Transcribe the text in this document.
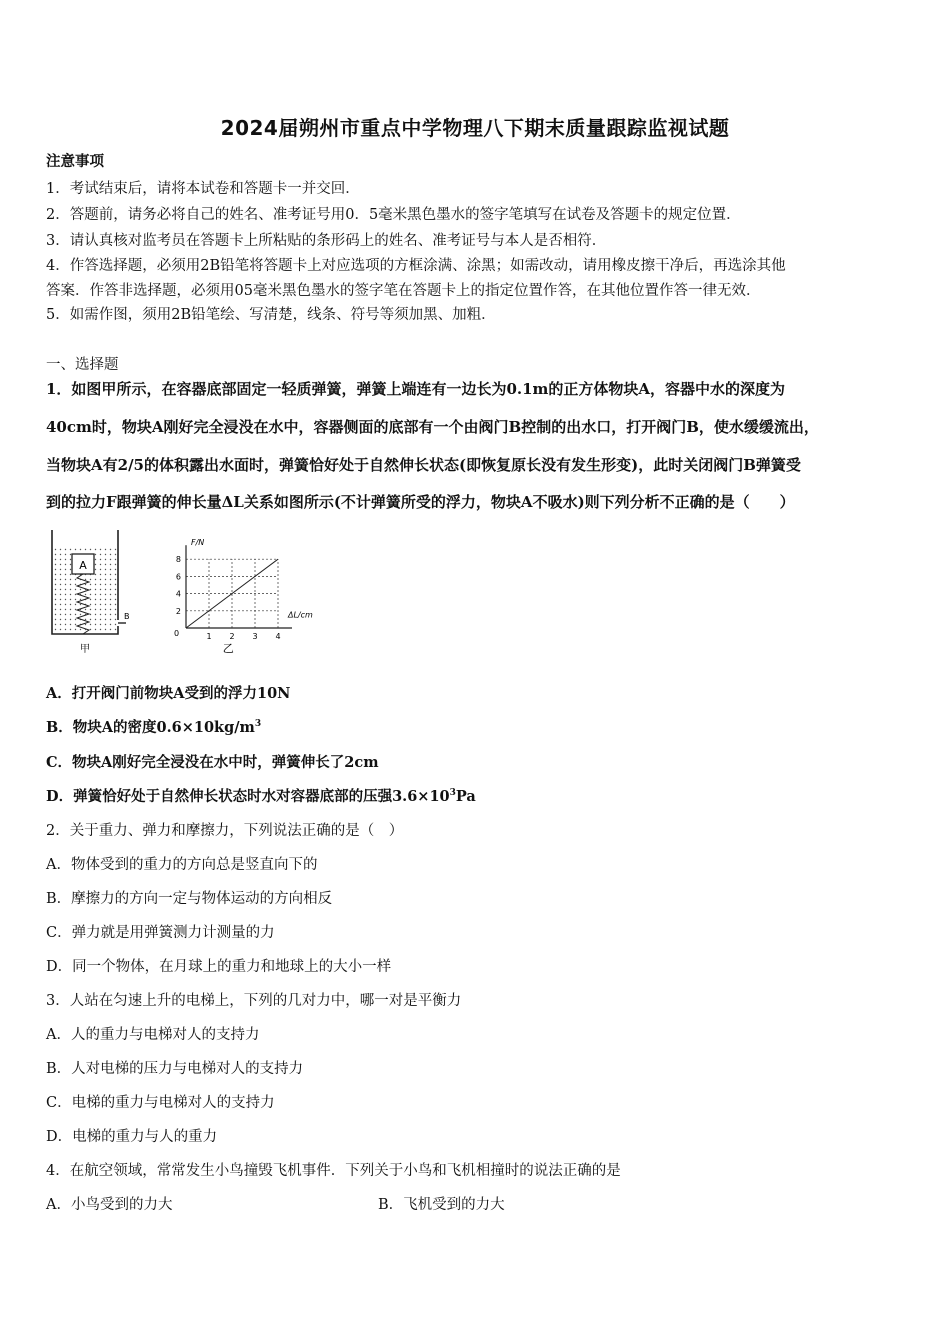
2024届朔州市重点中学物理八下期末质量跟踪监视试题
注意事项
1．考试结束后，请将本试卷和答题卡一并交回．
2．答题前，请务必将自己的姓名、准考证号用0．5毫米黑色墨水的签字笔填写在试卷及答题卡的规定位置．
3．请认真核对监考员在答题卡上所粘贴的条形码上的姓名、准考证号与本人是否相符．
4．作答选择题，必须用2B铅笔将答题卡上对应选项的方框涂满、涂黑；如需改动，请用橡皮擦干净后，再选涂其他
答案．作答非选择题，必须用05毫米黑色墨水的签字笔在答题卡上的指定位置作答，在其他位置作答一律无效．
5．如需作图，须用2B铅笔绘、写清楚，线条、符号等须加黑、加粗．
一、选择题
1．如图甲所示，在容器底部固定一轻质弹簧，弹簧上端连有一边长为0.1m的正方体物块A，容器中水的深度为
40cm时，物块A刚好完全浸没在水中，容器侧面的底部有一个由阀门B控制的出水口，打开阀门B，使水缓缓流出，
当物块A有2/5的体积露出水面时，弹簧恰好处于自然伸长状态(即恢复原长没有发生形变)，此时关闭阀门B弹簧受
到的拉力F跟弹簧的伸长量ΔL关系如图所示(不计弹簧所受的浮力，物块A不吸水)则下列分析不正确的是（　　）
A
B
甲
1 2 3 4
2
4
6
8
F/N
ΔL/cm
0
乙
A．打开阀门前物块A受到的浮力10N
B．物块A的密度$0.6\times 10kg/m^3$
C．物块A刚好完全浸没在水中时，弹簧伸长了2cm
D．弹簧恰好处于自然伸长状态时水对容器底部的压强$3.6\times 10^3Pa$
2．关于重力、弹力和摩擦力，下列说法正确的是（　）
A．物体受到的重力的方向总是竖直向下的
B．摩擦力的方向一定与物体运动的方向相反
C．弹力就是用弹簧测力计测量的力
D．同一个物体，在月球上的重力和地球上的大小一样
3．人站在匀速上升的电梯上，下列的几对力中，哪一对是平衡力
A．人的重力与电梯对人的支持力
B．人对电梯的压力与电梯对人的支持力
C．电梯的重力与电梯对人的支持力
D．电梯的重力与人的重力
4．在航空领域，常常发生小鸟撞毁飞机事件．下列关于小鸟和飞机相撞时的说法正确的是
A．小鸟受到的力大	B．飞机受到的力大
